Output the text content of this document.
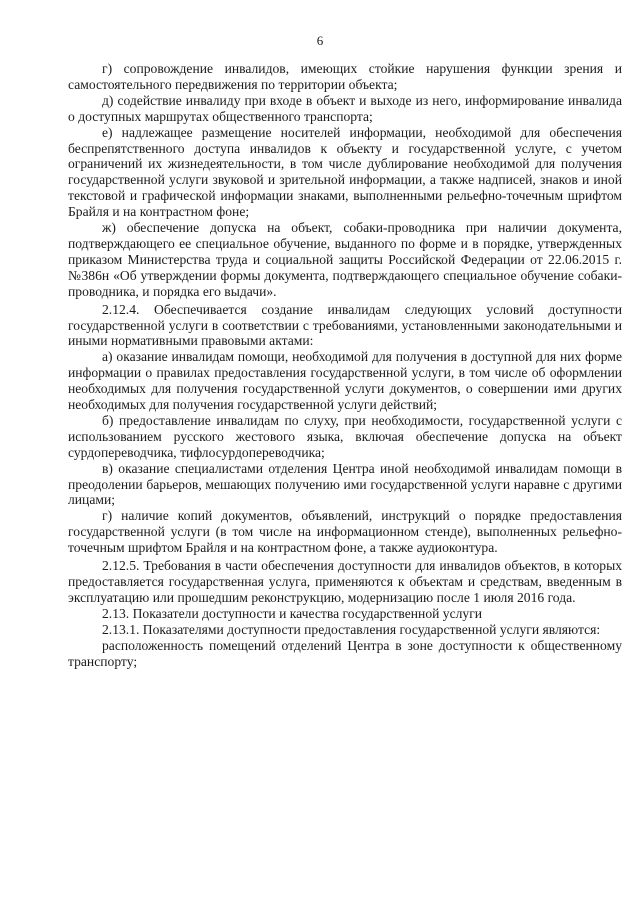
6

г) сопровождение инвалидов, имеющих стойкие нарушения функции зрения и самостоятельного передвижения по территории объекта;

д) содействие инвалиду при входе в объект и выходе из него, информирование инвалида о доступных маршрутах общественного транспорта;

е) надлежащее размещение носителей информации, необходимой для обеспечения беспрепятственного доступа инвалидов к объекту и государственной услуге, с учетом ограничений их жизнедеятельности, в том числе дублирование необходимой для получения государственной услуги звуковой и зрительной информации, а также надписей, знаков и иной текстовой и графической информации знаками, выполненными рельефно-точечным шрифтом Брайля и на контрастном фоне;

ж) обеспечение допуска на объект, собаки-проводника при наличии документа, подтверждающего ее специальное обучение, выданного по форме и в порядке, утвержденных приказом Министерства труда и социальной защиты Российской Федерации от 22.06.2015 г. №386н «Об утверждении формы документа, подтверждающего специальное обучение собаки-проводника, и порядка его выдачи».

2.12.4. Обеспечивается создание инвалидам следующих условий доступности государственной услуги в соответствии с требованиями, установленными законодательными и иными нормативными правовыми актами:

а) оказание инвалидам помощи, необходимой для получения в доступной для них форме информации о правилах предоставления государственной услуги, в том числе об оформлении необходимых для получения государственной услуги документов, о совершении ими других необходимых для получения государственной услуги действий;

б) предоставление инвалидам по слуху, при необходимости, государственной услуги с использованием русского жестового языка, включая обеспечение допуска на объект сурдопереводчика, тифлосурдопереводчика;

в) оказание специалистами отделения Центра иной необходимой инвалидам помощи в преодолении барьеров, мешающих получению ими государственной услуги наравне с другими лицами;

г) наличие копий документов, объявлений, инструкций о порядке предоставления государственной услуги (в том числе на информационном стенде), выполненных рельефно-точечным шрифтом Брайля и на контрастном фоне, а также аудиоконтура.

2.12.5. Требования в части обеспечения доступности для инвалидов объектов, в которых предоставляется государственная услуга, применяются к объектам и средствам, введенным в эксплуатацию или прошедшим реконструкцию, модернизацию после 1 июля 2016 года.

2.13. Показатели доступности и качества государственной услуги

2.13.1. Показателями доступности предоставления государственной услуги являются:

расположенность помещений отделений Центра в зоне доступности к общественному транспорту;
